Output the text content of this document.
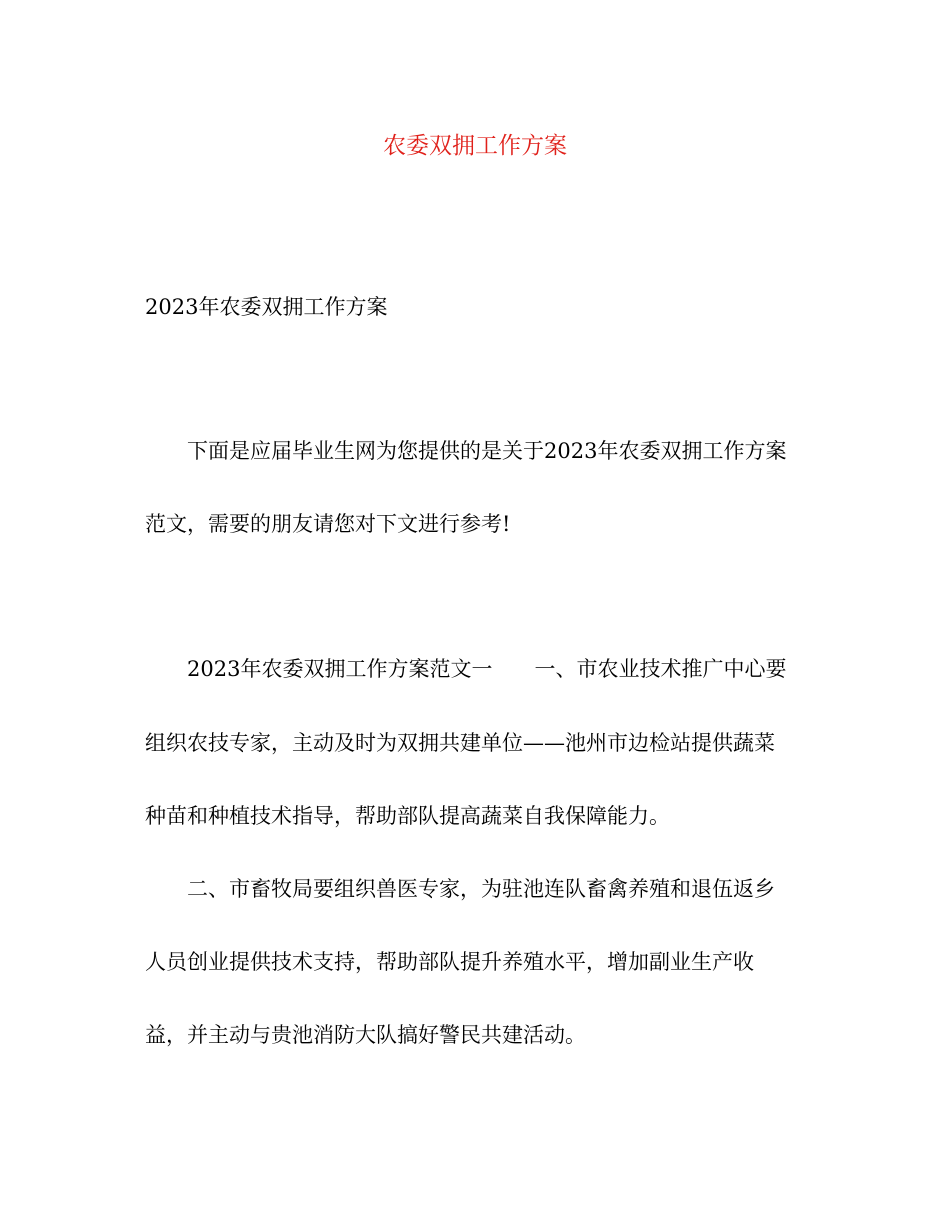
农委双拥工作方案

2023年农委双拥工作方案

下面是应届毕业生网为您提供的是关于2023年农委双拥工作方案

范文，需要的朋友请您对下文进行参考!

2023年农委双拥工作方案范文一 一、市农业技术推广中心要

组织农技专家，主动及时为双拥共建单位——池州市边检站提供蔬菜

种苗和种植技术指导，帮助部队提高蔬菜自我保障能力。

二、市畜牧局要组织兽医专家，为驻池连队畜禽养殖和退伍返乡

人员创业提供技术支持，帮助部队提升养殖水平，增加副业生产收

益，并主动与贵池消防大队搞好警民共建活动。
